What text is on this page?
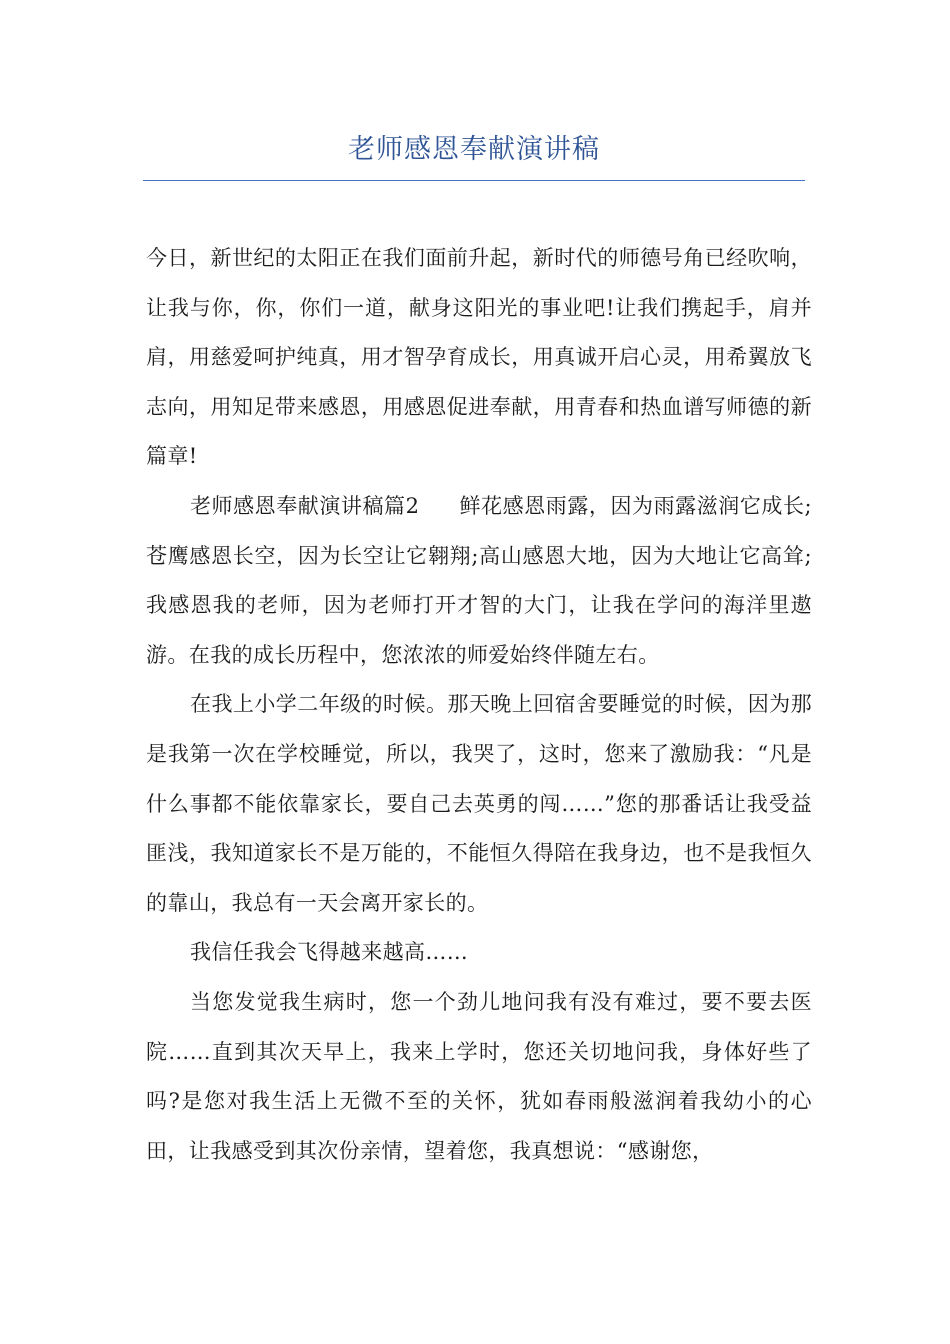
老师感恩奉献演讲稿

今日，新世纪的太阳正在我们面前升起，新时代的师德号角已经吹响，让我与你，你，你们一道，献身这阳光的事业吧!让我们携起手，肩并肩，用慈爱呵护纯真，用才智孕育成长，用真诚开启心灵，用希翼放飞志向，用知足带来感恩，用感恩促进奉献，用青春和热血谱写师德的新篇章!

老师感恩奉献演讲稿篇2 鲜花感恩雨露，因为雨露滋润它成长;苍鹰感恩长空，因为长空让它翱翔;高山感恩大地，因为大地让它高耸;我感恩我的老师，因为老师打开才智的大门，让我在学问的海洋里遨游。在我的成长历程中，您浓浓的师爱始终伴随左右。

在我上小学二年级的时候。那天晚上回宿舍要睡觉的时候，因为那是我第一次在学校睡觉，所以，我哭了，这时，您来了激励我：“凡是什么事都不能依靠家长，要自己去英勇的闯……”您的那番话让我受益匪浅，我知道家长不是万能的，不能恒久得陪在我身边，也不是我恒久的靠山，我总有一天会离开家长的。

我信任我会飞得越来越高……

当您发觉我生病时，您一个劲儿地问我有没有难过，要不要去医院……直到其次天早上，我来上学时，您还关切地问我，身体好些了吗?是您对我生活上无微不至的关怀，犹如春雨般滋润着我幼小的心田，让我感受到其次份亲情，望着您，我真想说：“感谢您，
